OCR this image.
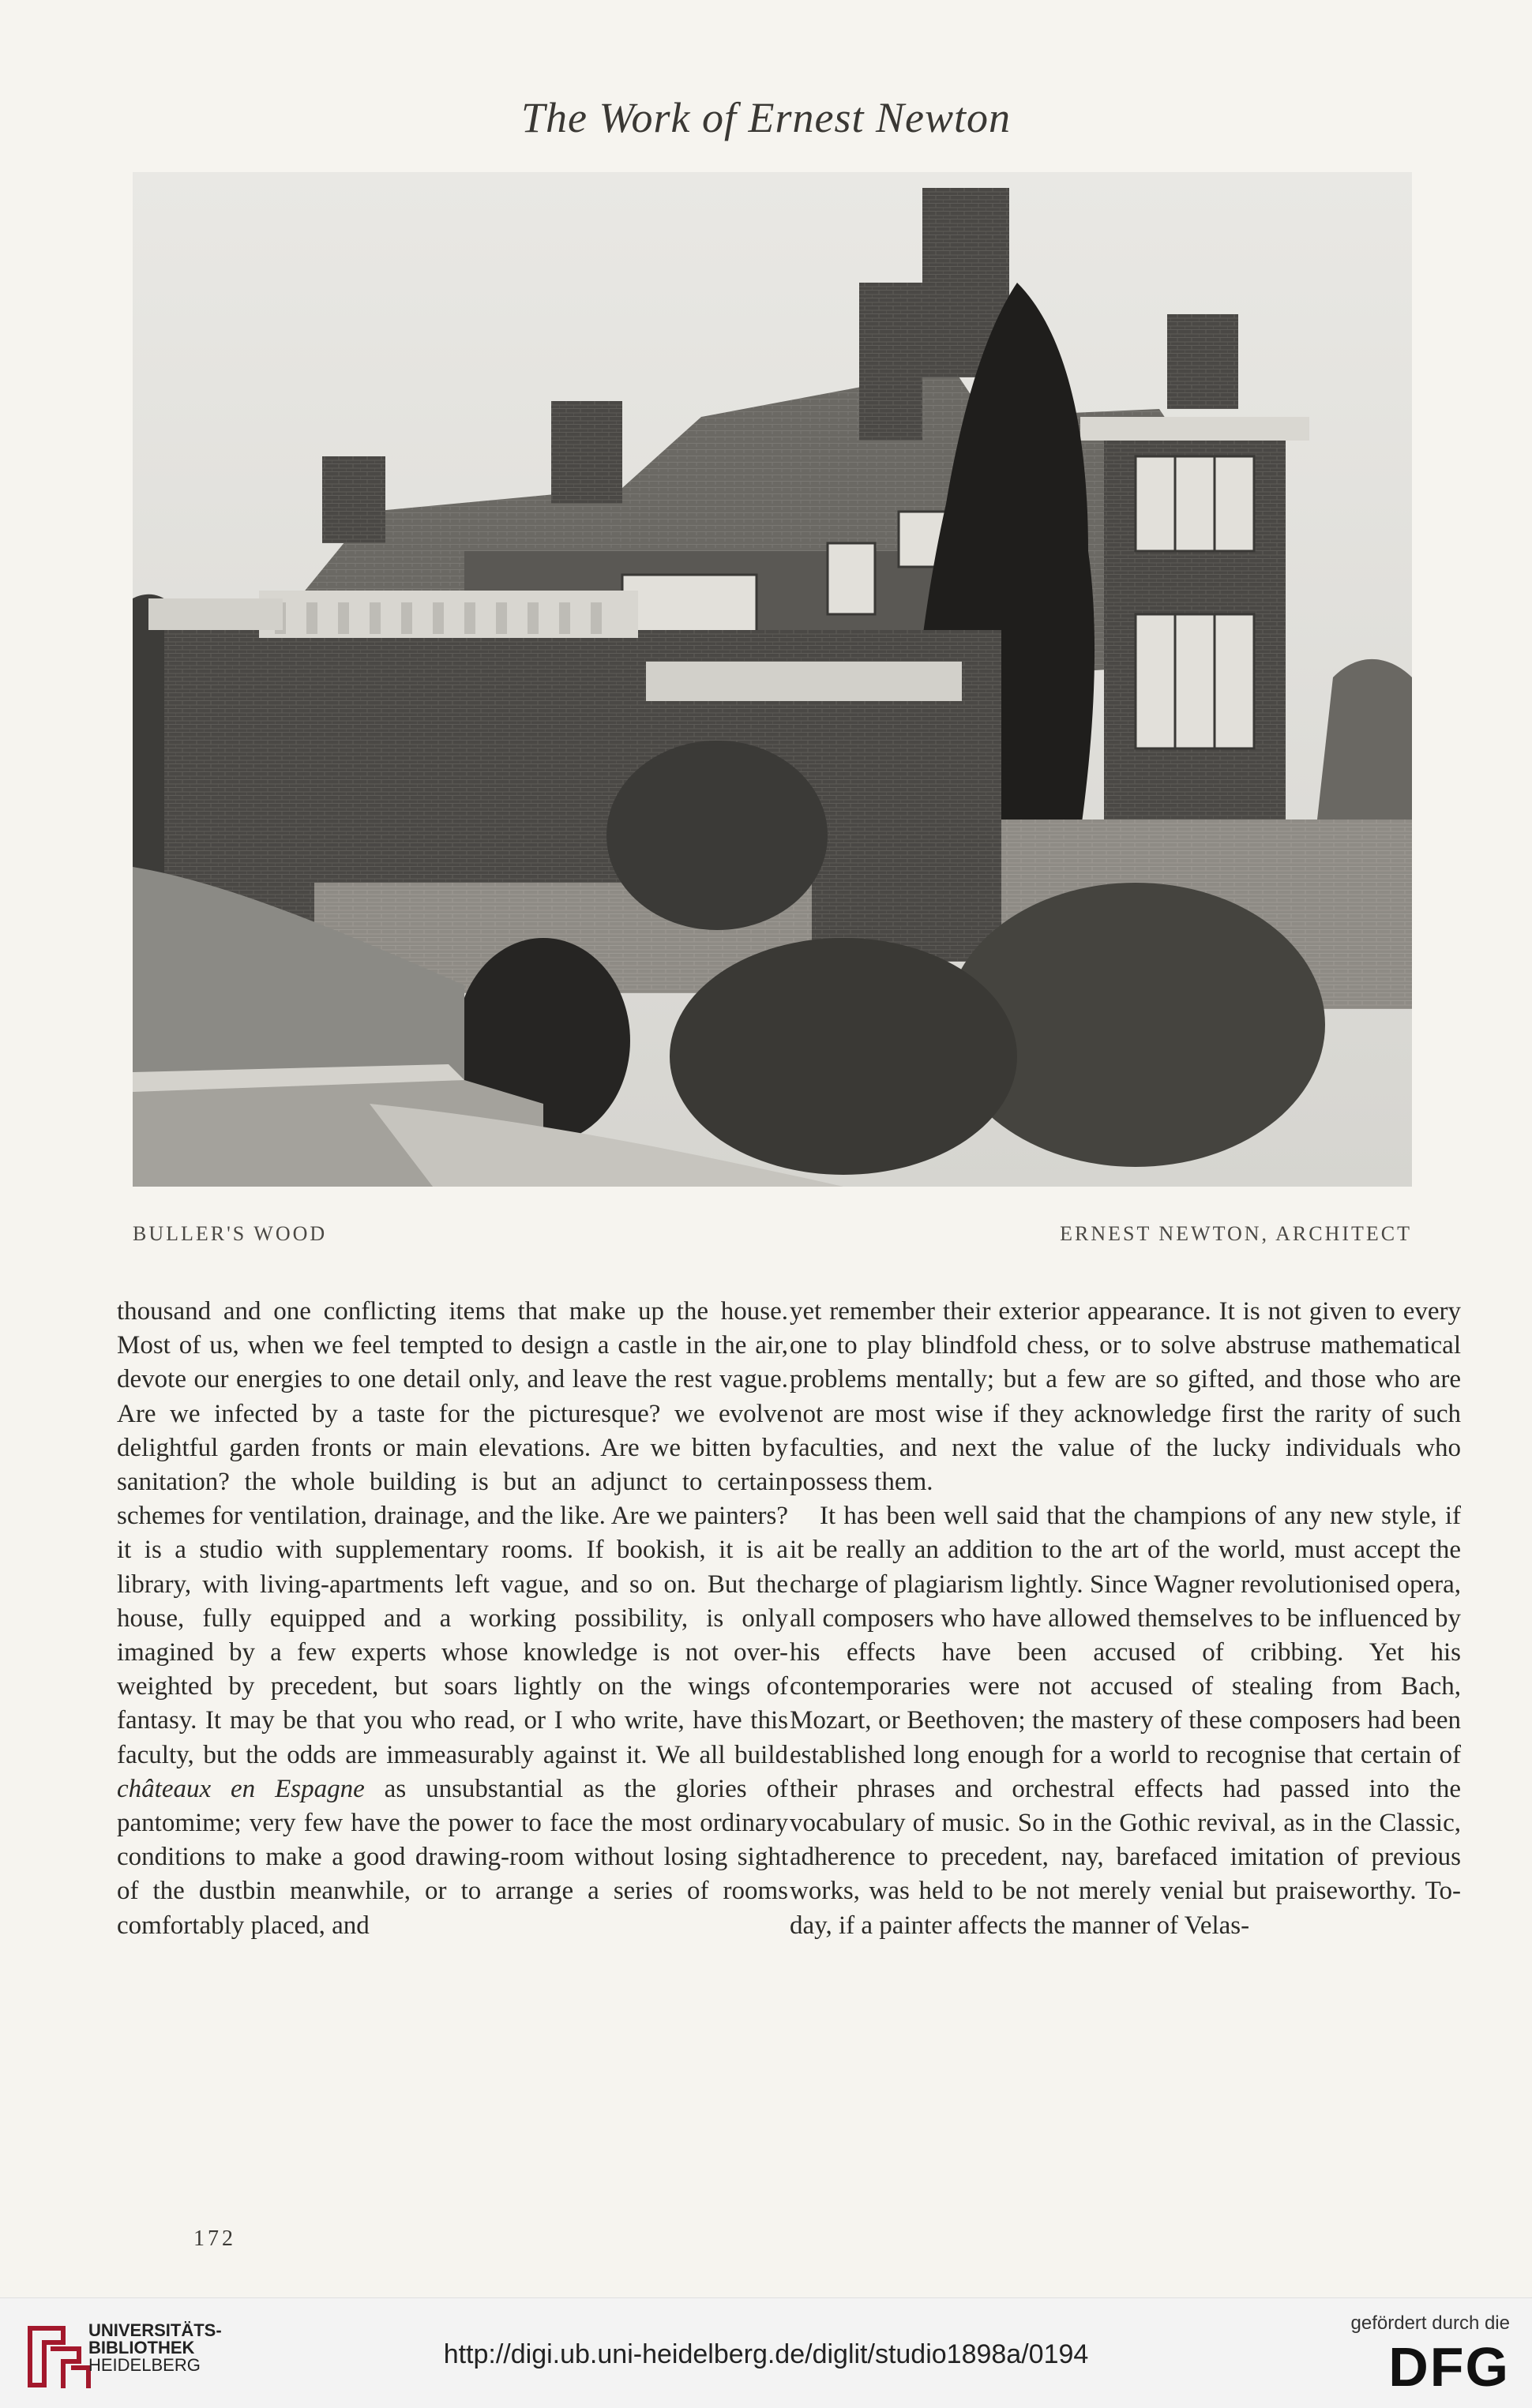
The Work of Ernest Newton
BULLER'S WOOD	ERNEST NEWTON, ARCHITECT

thousand and one conflicting items that make up the house. Most of us, when we feel tempted to design a castle in the air, devote our energies to one detail only, and leave the rest vague. Are we infected by a taste for the picturesque? we evolve delightful garden fronts or main elevations. Are we bitten by sanitation? the whole building is but an adjunct to certain schemes for ventilation, drainage, and the like. Are we painters? it is a studio with supplementary rooms. If bookish, it is a library, with living-apartments left vague, and so on. But the house, fully equipped and a working possibility, is only imagined by a few experts whose knowledge is not over-weighted by precedent, but soars lightly on the wings of fantasy. It may be that you who read, or I who write, have this faculty, but the odds are immeasurably against it. We all build châteaux en Espagne as unsubstantial as the glories of pantomime; very few have the power to face the most ordinary conditions to make a good drawing-room without losing sight of the dustbin meanwhile, or to arrange a series of rooms comfortably placed, and

yet remember their exterior appearance. It is not given to every one to play blindfold chess, or to solve abstruse mathematical problems mentally; but a few are so gifted, and those who are not are most wise if they acknowledge first the rarity of such faculties, and next the value of the lucky individuals who possess them.

It has been well said that the champions of any new style, if it be really an addition to the art of the world, must accept the charge of plagiarism lightly. Since Wagner revolutionised opera, all composers who have allowed themselves to be influenced by his effects have been accused of cribbing. Yet his contemporaries were not accused of stealing from Bach, Mozart, or Beethoven; the mastery of these composers had been established long enough for a world to recognise that certain of their phrases and orchestral effects had passed into the vocabulary of music. So in the Gothic revival, as in the Classic, adherence to precedent, nay, barefaced imitation of previous works, was held to be not merely venial but praiseworthy. To-day, if a painter affects the manner of Velas-

172
UNIVERSITÄTS-
BIBLIOTHEK
HEIDELBERG	http://digi.ub.uni-heidelberg.de/diglit/studio1898a/0194
gefördert durch die
DFG
